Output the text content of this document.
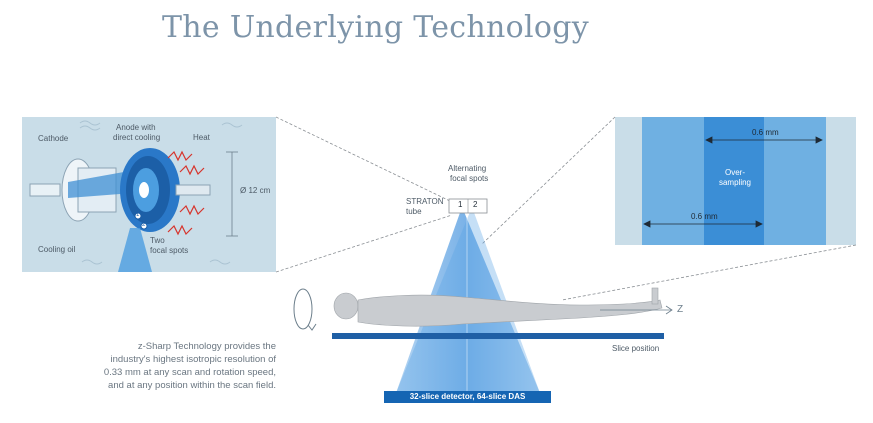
The Underlying Technology
Cathode
Anode with
direct cooling	Heat
Ø 12 cm
Cooling oil
Two
focal spots
1
2
Alternating
focal spots
STRATON
tube
1 2
Z
Slice position
32-slice detector, 64-slice DAS
0.6 mm
0.6 mm
Over-
sampling
z-Sharp Technology provides the industry's highest isotropic resolution of 0.33 mm at any scan and rotation speed, and at any position within the scan field.
